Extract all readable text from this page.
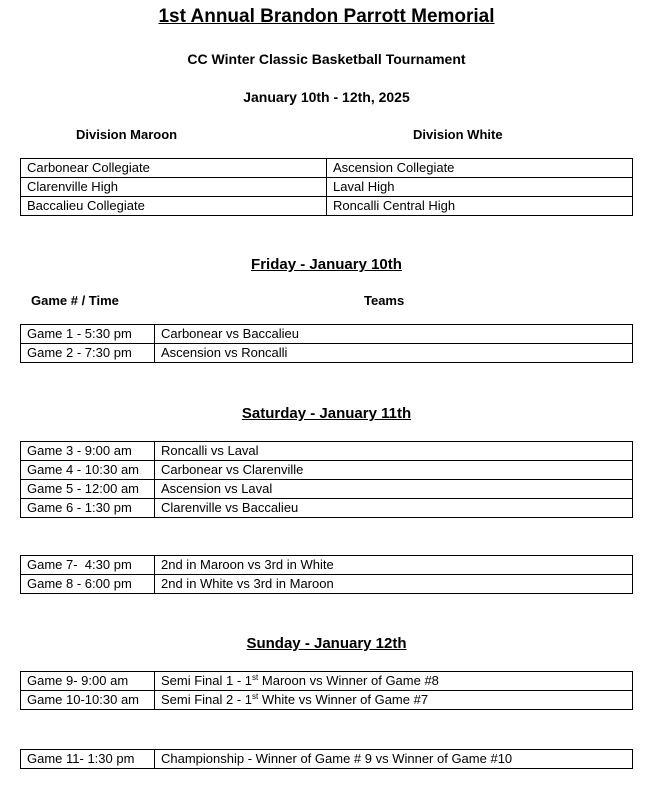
1st Annual Brandon Parrott Memorial
CC Winter Classic Basketball Tournament
January 10th - 12th, 2025
Division Maroon	Division White
Carbonear Collegiate	Ascension Collegiate
Clarenville High	Laval High
Baccalieu Collegiate	Roncalli Central High
Friday - January 10th
Game # / Time	Teams
Game 1 - 5:30 pm	Carbonear vs Baccalieu
Game 2 - 7:30 pm	Ascension vs Roncalli
Saturday - January 11th
Game 3 - 9:00 am	Roncalli vs Laval
Game 4 - 10:30 am	Carbonear vs Clarenville
Game 5 - 12:00 am	Ascension vs Laval
Game 6 - 1:30 pm	Clarenville vs Baccalieu
Game 7-  4:30 pm	2nd in Maroon vs 3rd in White
Game 8 - 6:00 pm	2nd in White vs 3rd in Maroon
Sunday - January 12th
Game 9- 9:00 am	Semi Final 1 - 1st Maroon vs Winner of Game #8
Game 10-10:30 am	Semi Final 2 - 1st White vs Winner of Game #7
Game 11- 1:30 pm	Championship - Winner of Game # 9 vs Winner of Game #10
